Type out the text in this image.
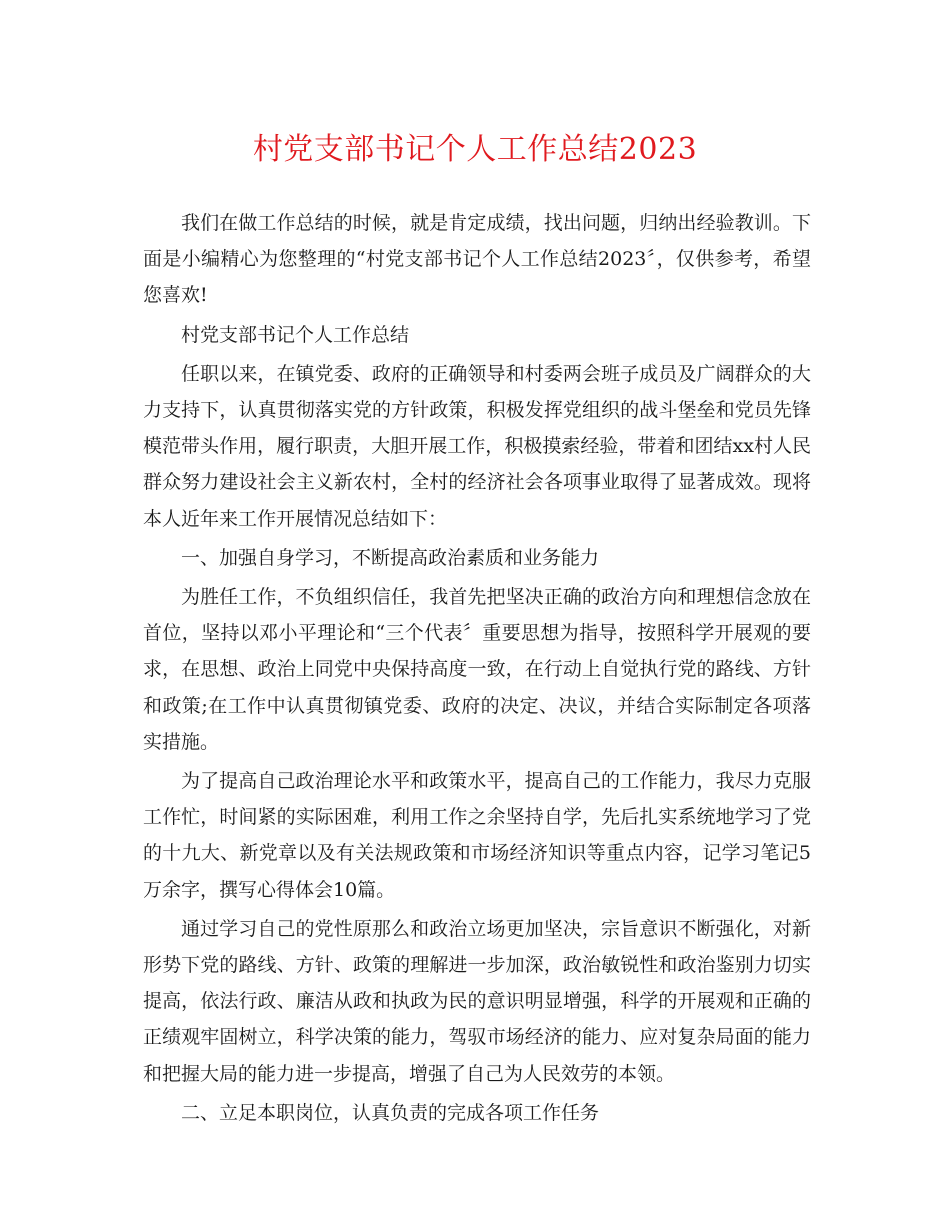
村党支部书记个人工作总结2023

我们在做工作总结的时候，就是肯定成绩，找出问题，归纳出经验教训。下面是小编精心为您整理的“村党支部书记个人工作总结2023〞，仅供参考，希望您喜欢!

村党支部书记个人工作总结

任职以来，在镇党委、政府的正确领导和村委两会班子成员及广阔群众的大力支持下，认真贯彻落实党的方针政策，积极发挥党组织的战斗堡垒和党员先锋模范带头作用，履行职责，大胆开展工作，积极摸索经验，带着和团结xx村人民群众努力建设社会主义新农村，全村的经济社会各项事业取得了显著成效。现将本人近年来工作开展情况总结如下：

一、加强自身学习，不断提高政治素质和业务能力

为胜任工作，不负组织信任，我首先把坚决正确的政治方向和理想信念放在首位，坚持以邓小平理论和“三个代表〞重要思想为指导，按照科学开展观的要求，在思想、政治上同党中央保持高度一致，在行动上自觉执行党的路线、方针和政策;在工作中认真贯彻镇党委、政府的决定、决议，并结合实际制定各项落实措施。

为了提高自己政治理论水平和政策水平，提高自己的工作能力，我尽力克服工作忙，时间紧的实际困难，利用工作之余坚持自学，先后扎实系统地学习了党的十九大、新党章以及有关法规政策和市场经济知识等重点内容，记学习笔记5万余字，撰写心得体会10篇。

通过学习自己的党性原那么和政治立场更加坚决，宗旨意识不断强化，对新形势下党的路线、方针、政策的理解进一步加深，政治敏锐性和政治鉴别力切实提高，依法行政、廉洁从政和执政为民的意识明显增强，科学的开展观和正确的正绩观牢固树立，科学决策的能力，驾驭市场经济的能力、应对复杂局面的能力和把握大局的能力进一步提高，增强了自己为人民效劳的本领。

二、立足本职岗位，认真负责的完成各项工作任务
